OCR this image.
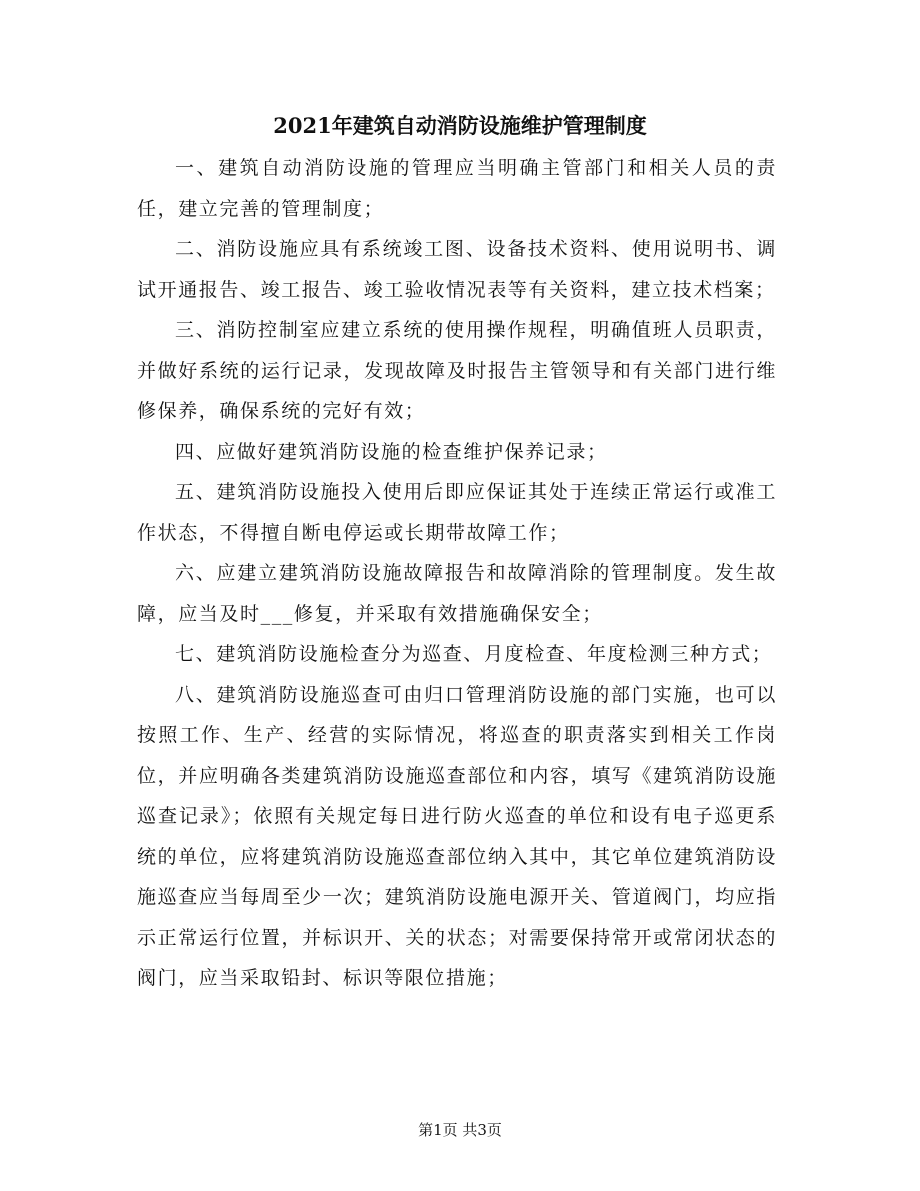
2021年建筑自动消防设施维护管理制度

一、建筑自动消防设施的管理应当明确主管部门和相关人员的责任，建立完善的管理制度；

二、消防设施应具有系统竣工图、设备技术资料、使用说明书、调试开通报告、竣工报告、竣工验收情况表等有关资料，建立技术档案；

三、消防控制室应建立系统的使用操作规程，明确值班人员职责，并做好系统的运行记录，发现故障及时报告主管领导和有关部门进行维修保养，确保系统的完好有效；

四、应做好建筑消防设施的检查维护保养记录；

五、建筑消防设施投入使用后即应保证其处于连续正常运行或准工作状态，不得擅自断电停运或长期带故障工作；

六、应建立建筑消防设施故障报告和故障消除的管理制度。发生故障，应当及时___修复，并采取有效措施确保安全；

七、建筑消防设施检查分为巡查、月度检查、年度检测三种方式；

八、建筑消防设施巡查可由归口管理消防设施的部门实施，也可以按照工作、生产、经营的实际情况，将巡查的职责落实到相关工作岗位，并应明确各类建筑消防设施巡查部位和内容，填写《建筑消防设施巡查记录》；依照有关规定每日进行防火巡查的单位和设有电子巡更系统的单位，应将建筑消防设施巡查部位纳入其中，其它单位建筑消防设施巡查应当每周至少一次；建筑消防设施电源开关、管道阀门，均应指示正常运行位置，并标识开、关的状态；对需要保持常开或常闭状态的阀门，应当采取铅封、标识等限位措施；

第1页 共3页
